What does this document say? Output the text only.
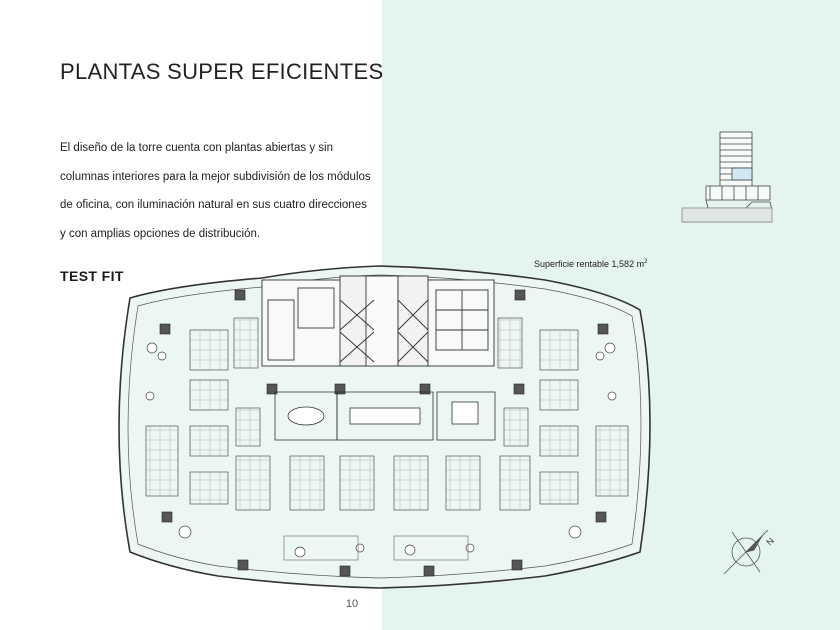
PLANTAS SUPER EFICIENTES

El diseño de la torre cuenta con plantas abiertas y sin

columnas interiores para la mejor subdivisión de los módulos

de oficina, con iluminación natural en sus cuatro direcciones

y con amplias opciones de distribución.

TEST FIT
Superficie rentable 1,582 $m^2$
N
10
